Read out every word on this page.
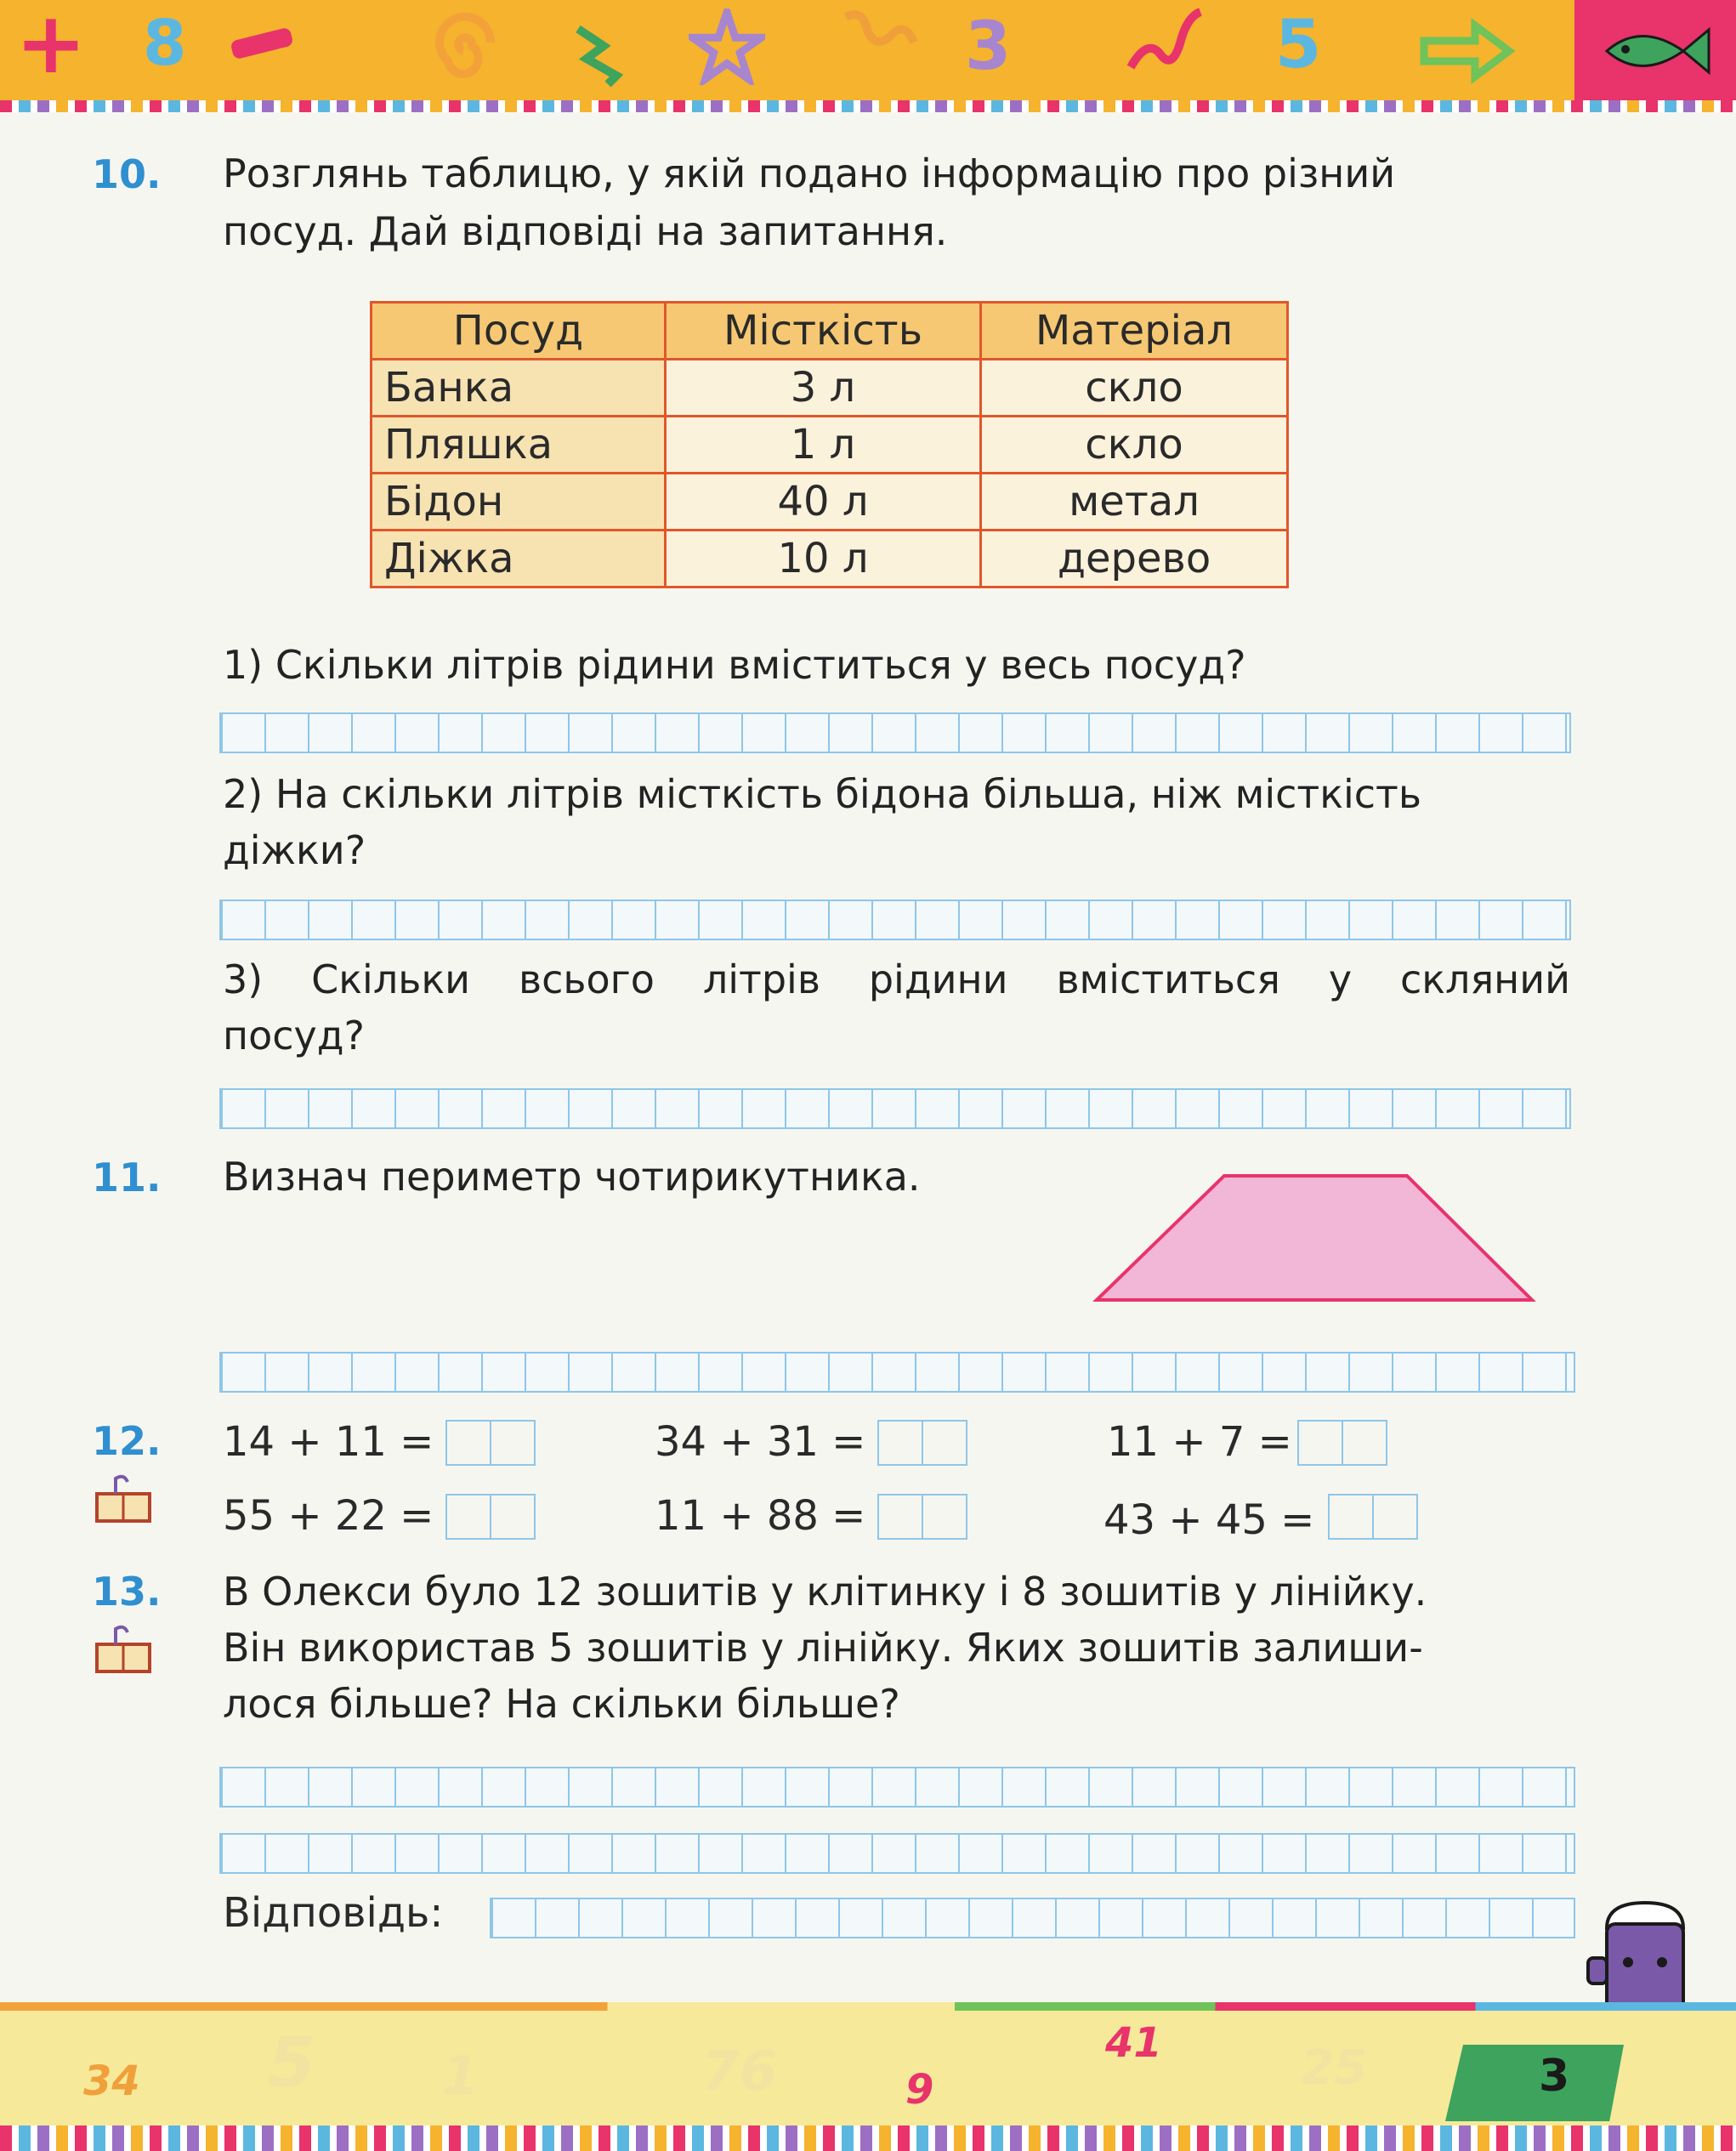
+ 8	3	5
10. Розглянь таблицю, у якій подано інформацію про різний
посуд. Дай відповіді на запитання.
Посуд	Місткість	Матеріал
Банка	3 л	скло
Пляшка	1 л	скло
Бідон	40 л	метал
Діжка	10 л	дерево
1) Скільки літрів рідини вміститься у весь посуд?
2) На скільки літрів місткість бідона більша, ніж місткість
діжки?
3) Скільки всього літрів рідини вміститься у скляний
посуд?
11. Визнач периметр чотирикутника.
12. 14 + 11 =	34 + 31 =	11 + 7 =
55 + 22 =	11 + 88 =	43 + 45 =
13. В Олекси було 12 зошитів у клітинку і 8 зошитів у лінійку.
Він використав 5 зошитів у лінійку. Яких зошитів залиши-
лося більше? На скільки більше?
Відповідь:
34 5 1	76	9
41	25	3
